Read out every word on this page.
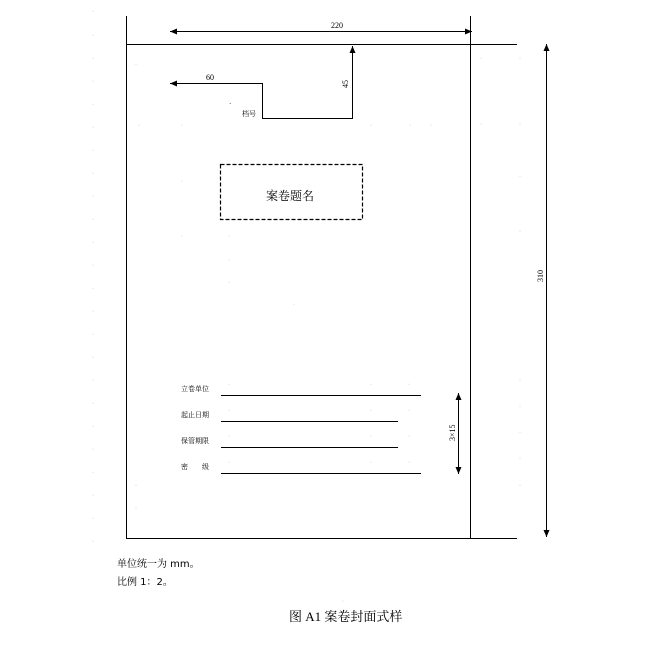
·
·
·
·
·
·
·
·
·
·
·
·
·
·
·
·
·
·
·
·
·
·
·
·
220
310
60
45
档号
·
案卷题名
立卷单位
起止日期
保管期限
密　　级
3×15
·
·	·	·	·	·
·
·	·
·
·
·
·	·	·
·	·	·
·	·	·
·	·	·
·
·
·	·
·	·
·
·
·
·
·
·
·
·
单位统一为 mm。
比例 1：2。
图 A1 案卷封面式样
